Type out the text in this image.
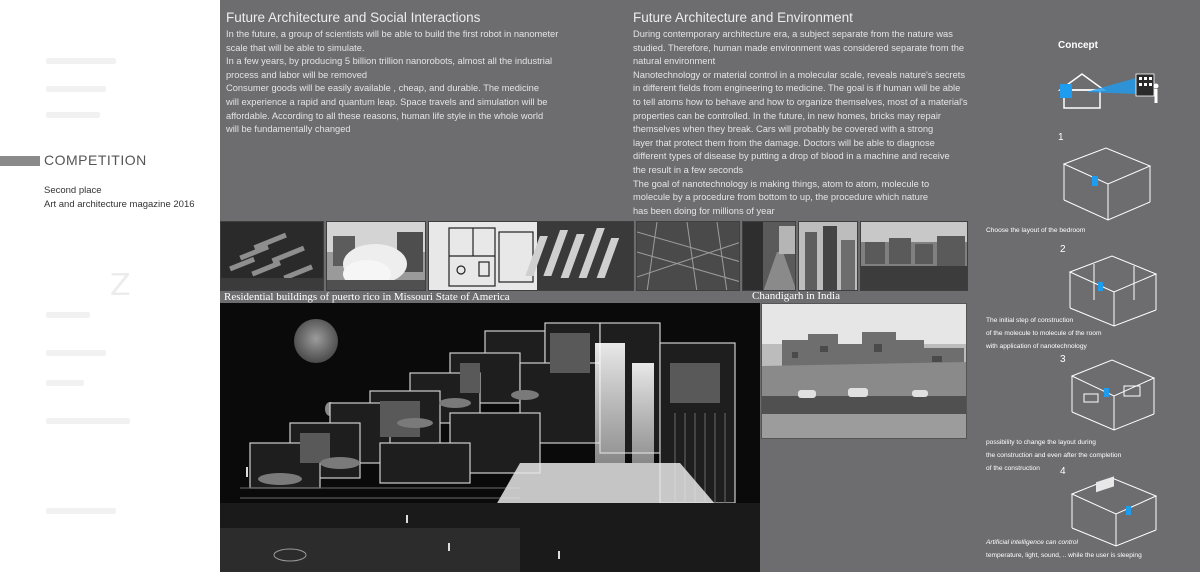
Z
COMPETITION
Second place
Art and architecture magazine 2016
Future Architecture and Social Interactions
In the future, a group of scientists will be able to build the first robot in nanometer
scale that will be able to simulate.
In a few years, by producing 5 billion trillion nanorobots, almost all the industrial
process and labor will be removed
Consumer goods will be easily available , cheap, and durable. The medicine
will experience a rapid and quantum leap. Space travels and simulation will be
affordable. According to all these reasons, human life style in the whole world
will be fundamentally changed
Future Architecture and Environment
During contemporary architecture era, a subject separate from the nature was
studied. Therefore, human made environment was considered separate from the
natural environment
Nanotechnology or material control in a molecular scale, reveals nature's secrets
in different fields from engineering to medicine. The goal is if human will be able
to tell atoms how to behave and how to organize themselves, most of a material's
properties can be controlled. In the future, in new homes, bricks may repair
themselves when they break. Cars will probably be covered with a strong
layer that protect them from the damage. Doctors will be able to diagnose
different types of disease by putting a drop of blood in a machine and receive
the result in a few seconds
The goal of nanotechnology is making things, atom to atom, molecule to
molecule by a procedure from bottom to up, the procedure which nature
has been doing for millions of year
Residential buildings of puerto rico in Missouri State of America	Chandigarh in India
Concept
1
Choose the layout of the bedroom
2
The initial step of construction
of the molecule to molecule of the room
with application of nanotechnology
3
possibility to change the layout during
the construction and even after the completion
of the construction	4
Artificial intelligence can control
temperature, light, sound, .. while the user is sleeping
